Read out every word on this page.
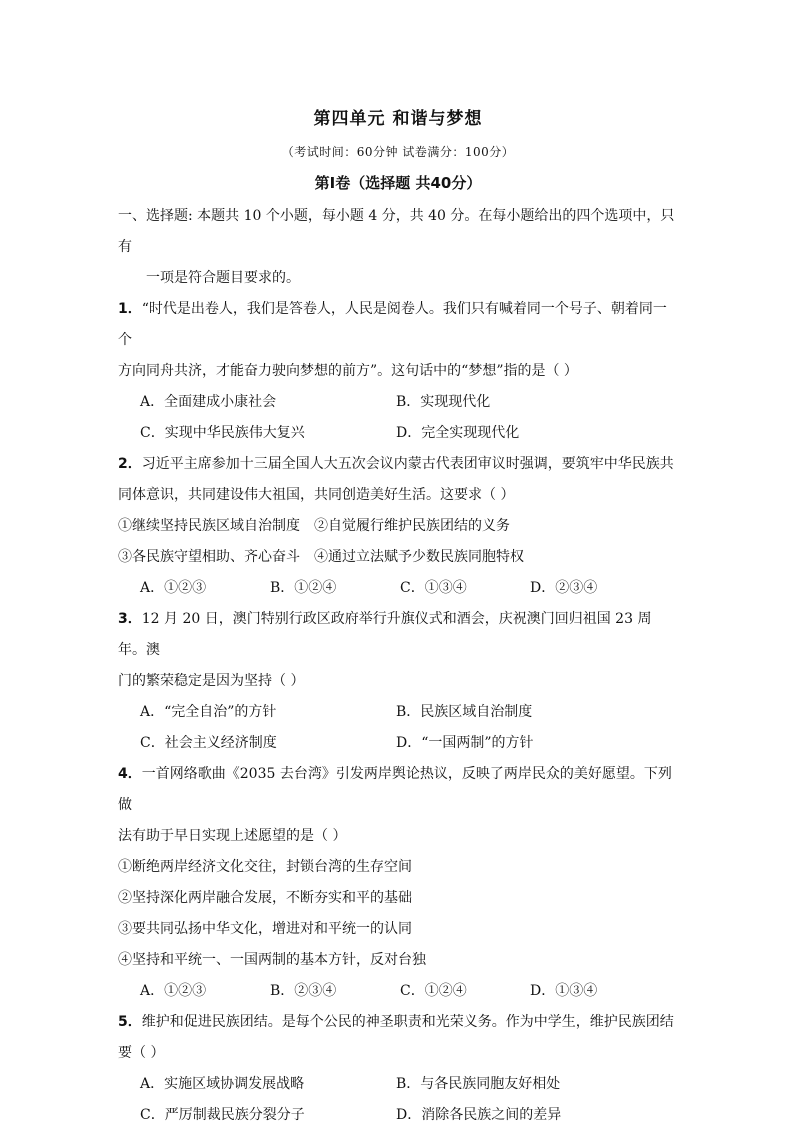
第四单元 和谐与梦想
（考试时间：60分钟 试卷满分：100分）
第Ⅰ卷（选择题 共40分）

一、选择题: 本题共 10 个小题，每小题 4 分，共 40 分。在每小题给出的四个选项中，只有

一项是符合题目要求的。

1．“时代是出卷人，我们是答卷人，人民是阅卷人。我们只有喊着同一个号子、朝着同一个

方向同舟共济，才能奋力驶向梦想的前方”。这句话中的“梦想”指的是（ ）

A．全面建成小康社会	B．实现现代化
C．实现中华民族伟大复兴	D．完全实现现代化

2．习近平主席参加十三届全国人大五次会议内蒙古代表团审议时强调，要筑牢中华民族共

同体意识，共同建设伟大祖国，共同创造美好生活。这要求（ ）

①继续坚持民族区域自治制度 ②自觉履行维护民族团结的义务
③各民族守望相助、齐心奋斗 ④通过立法赋予少数民族同胞特权
A．①②③	B．①②④	C．①③④	D．②③④

3．12 月 20 日，澳门特别行政区政府举行升旗仪式和酒会，庆祝澳门回归祖国 23 周年。澳

门的繁荣稳定是因为坚持（ ）

A．“完全自治”的方针	B．民族区域自治制度
C．社会主义经济制度	D．“一国两制”的方针

4．一首网络歌曲《2035 去台湾》引发两岸舆论热议，反映了两岸民众的美好愿望。下列做

法有助于早日实现上述愿望的是（ ）

①断绝两岸经济文化交往，封锁台湾的生存空间

②坚持深化两岸融合发展，不断夯实和平的基础

③要共同弘扬中华文化，增进对和平统一的认同

④坚持和平统一、一国两制的基本方针，反对台独

A．①②③	B．②③④	C．①②④	D．①③④

5．维护和促进民族团结。是每个公民的神圣职责和光荣义务。作为中学生，维护民族团结

要（ ）

A．实施区域协调发展战略	B．与各民族同胞友好相处
C．严厉制裁民族分裂分子	D．消除各民族之间的差异
